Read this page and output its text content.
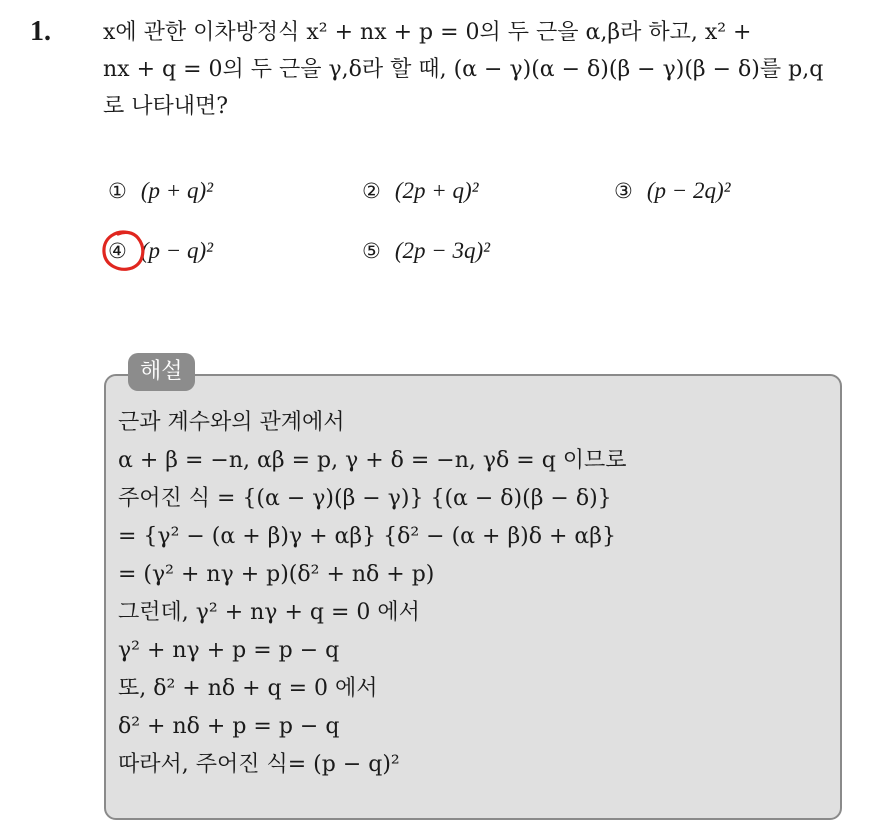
1. x에 관한 이차방정식 x² + nx + p = 0의 두 근을 α,β라 하고, x² +
nx + q = 0의 두 근을 γ,δ라 할 때, (α − γ)(α − δ)(β − γ)(β − δ)를 p,q
로 나타내면?
① (p + q)²	② (2p + q)²	③ (p − 2q)²
④ (p − q)²	⑤ (2p − 3q)²
해설
근과 계수와의 관계에서
α + β = −n, αβ = p, γ + δ = −n, γδ = q 이므로
주어진 식 = {(α − γ)(β − γ)} {(α − δ)(β − δ)}
= {γ² − (α + β)γ + αβ} {δ² − (α + β)δ + αβ}
= (γ² + nγ + p)(δ² + nδ + p)
그런데, γ² + nγ + q = 0 에서
γ² + nγ + p = p − q
또, δ² + nδ + q = 0 에서
δ² + nδ + p = p − q
따라서, 주어진 식= (p − q)²
